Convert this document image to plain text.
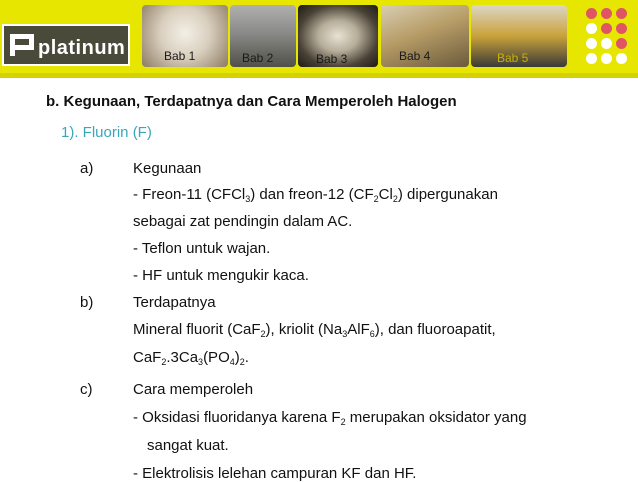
platinum	Bab 1	Bab 2	Bab 3	Bab 4	Bab 5
b. Kegunaan, Terdapatnya dan Cara Memperoleh Halogen
1). Fluorin (F)
a)	Kegunaan
- Freon-11 (CFCl$_3$) dan freon-12 $(CF_2Cl_2)$ dipergunakan
sebagai zat pendingin dalam AC.
- Teflon untuk wajan.
- HF untuk mengukir kaca.
b)	Terdapatnya
Mineral fluorit (CaF$_2$), kriolit $(Na_3AlF_6)$, dan fluoroapatit,
$CaF_2.3Ca_3(PO_4)_2$.
c)	Cara memperoleh
- Oksidasi fluoridanya karena $F_2$ merupakan oksidator yang
sangat kuat.
- Elektrolisis lelehan campuran KF dan HF.
